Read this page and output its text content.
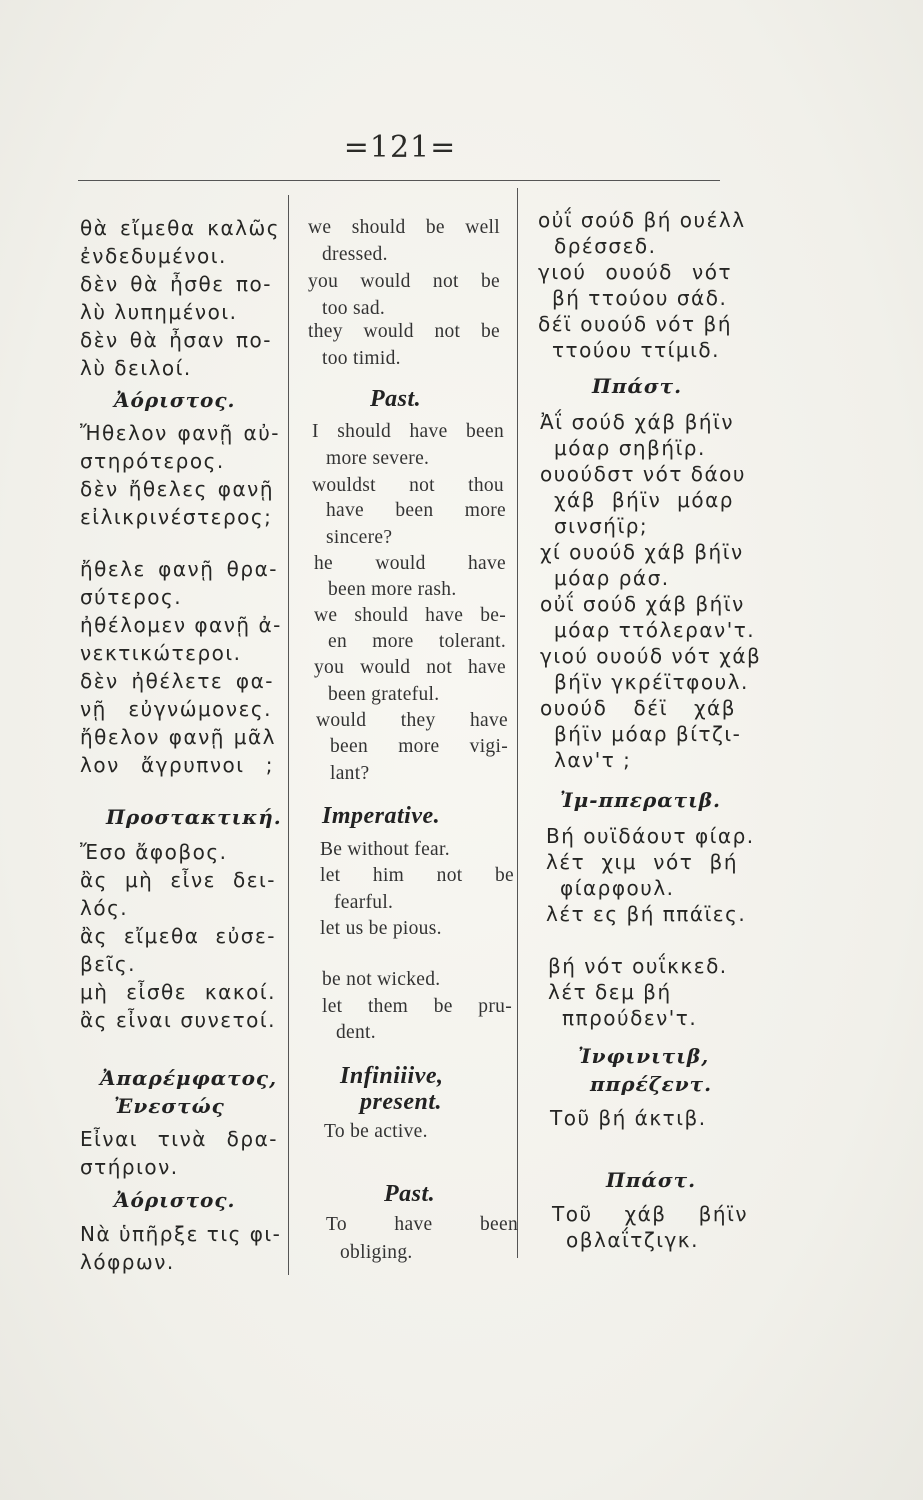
=121=
θὰ εἴμεθα καλῶς
ἐνδεδυμένοι.
δὲν θὰ ἦσθε πο-
λὺ λυπημένοι.
δὲν θὰ ἦσαν πο-
λὺ δειλοί.
Ἀόριστος.
Ἤθελον φανῇ αὐ-
στηρότερος.
δὲν ἤθελες φανῇ
εἰλικρινέστερος;
ἤθελε φανῇ θρα-
σύτερος.
ἠθέλομεν φανῇ ἀ-
νεκτικώτεροι.
δὲν ἠθέλετε φα-
νῇ εὐγνώμονες.
ἤθελον φανῇ μᾶλ
λον ἄγρυπνοι ;
Προστακτική.
Ἔσο ἄφοβος.
ἂς μὴ εἶνε δει-
λός.
ἂς εἴμεθα εὐσε-
βεῖς.
μὴ εἶσθε κακοί.
ἂς εἶναι συνετοί.
Ἀπαρέμφατος,
Ἐνεστώς
Εἶναι τινὰ δρα-
στήριον.
Ἀόριστος.
Νὰ ὑπῆρξε τις φι-
λόφρων.
we should be well
dressed.
you would not be
too sad.
they would not be
too timid.
Past.
I should have been
more severe.
wouldst not thou
have been more
sincere?
he would have
been more rash.
we should have be-
en more tolerant.
you would not have
been grateful.
would they have
been more vigi-
lant?
Imperative.
Be without fear.
let him not be
fearful.
let us be pious.
be not wicked.
let them be pru-
dent.
Infiniiive,
present.
To be active.
Past.
To have been
obliging.
οὐΐ σούδ βή ουέλλ
δρέσσεδ.
γιού ουούδ νότ
βή ττούου σάδ.
δέϊ ουούδ νότ βή
ττούου ττίμιδ.
Ππάστ.
Ἀΐ σούδ χάβ βήϊν
μόαρ σηβήϊρ.
ουούδστ νότ δάου
χάβ βήϊν μόαρ
σινσήϊρ;
χί ουούδ χάβ βήϊν
μόαρ ράσ.
οὐΐ σούδ χάβ βήϊν
μόαρ ττόλεραν'τ.
γιού ουούδ νότ χάβ
βήϊν γκρέϊτφουλ.
ουούδ δέϊ χάβ
βήϊν μόαρ βίτζι-
λαν'τ ;
Ἰμ-ππερατιβ.
Βή ουϊδάουτ φίαρ.
λέτ χιμ νότ βή
φίαρφουλ.
λέτ ες βή ππάϊες.
βή νότ ουΐκκεδ.
λέτ δεμ βή
ππρούδεν'τ.
Ἰνφινιτιβ,
ππρέζεντ.
Τοῦ βή άκτιβ.
Ππάστ.
Τοῦ χάβ βήϊν
οβλαΐτζιγκ.
